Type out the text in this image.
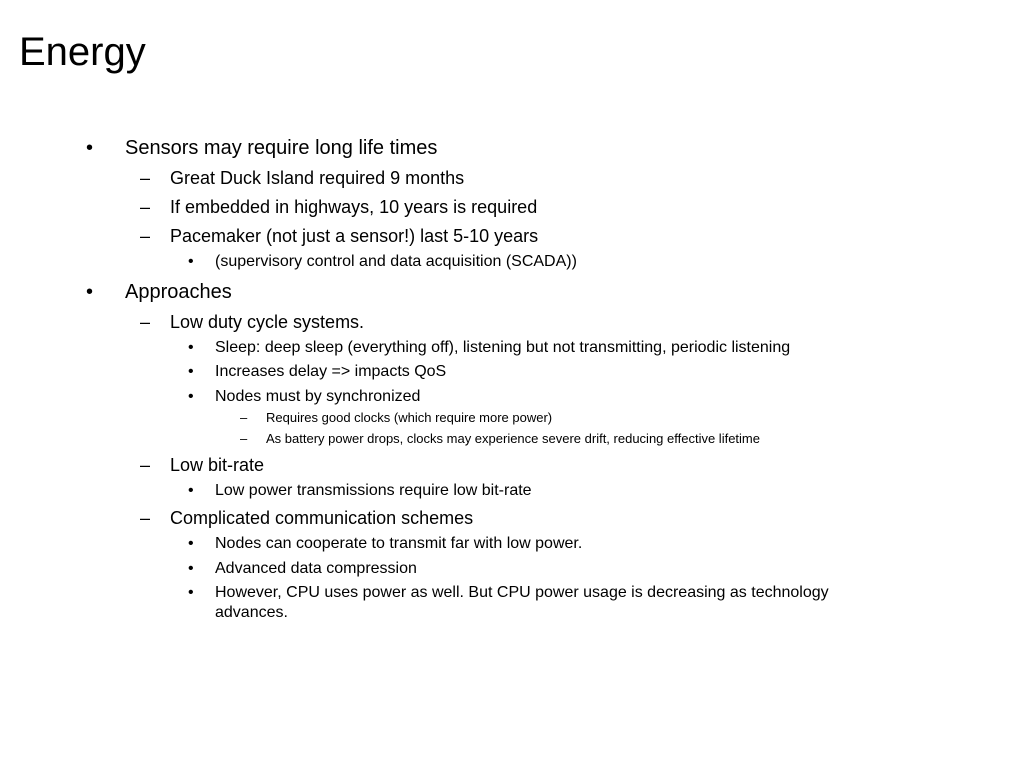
Energy
• Sensors may require long life times
– Great Duck Island required 9 months
– If embedded in highways, 10 years is required
– Pacemaker (not just a sensor!) last 5-10 years
• (supervisory control and data acquisition (SCADA))
• Approaches
– Low duty cycle systems.
• Sleep: deep sleep (everything off), listening but not transmitting, periodic listening
• Increases delay => impacts QoS
• Nodes must by synchronized
– Requires good clocks (which require more power)
– As battery power drops, clocks may experience severe drift, reducing effective lifetime
– Low bit-rate
• Low power transmissions require low bit-rate
– Complicated communication schemes
• Nodes can cooperate to transmit far with low power.
• Advanced data compression
• However, CPU uses power as well. But CPU power usage is decreasing as technology advances.
